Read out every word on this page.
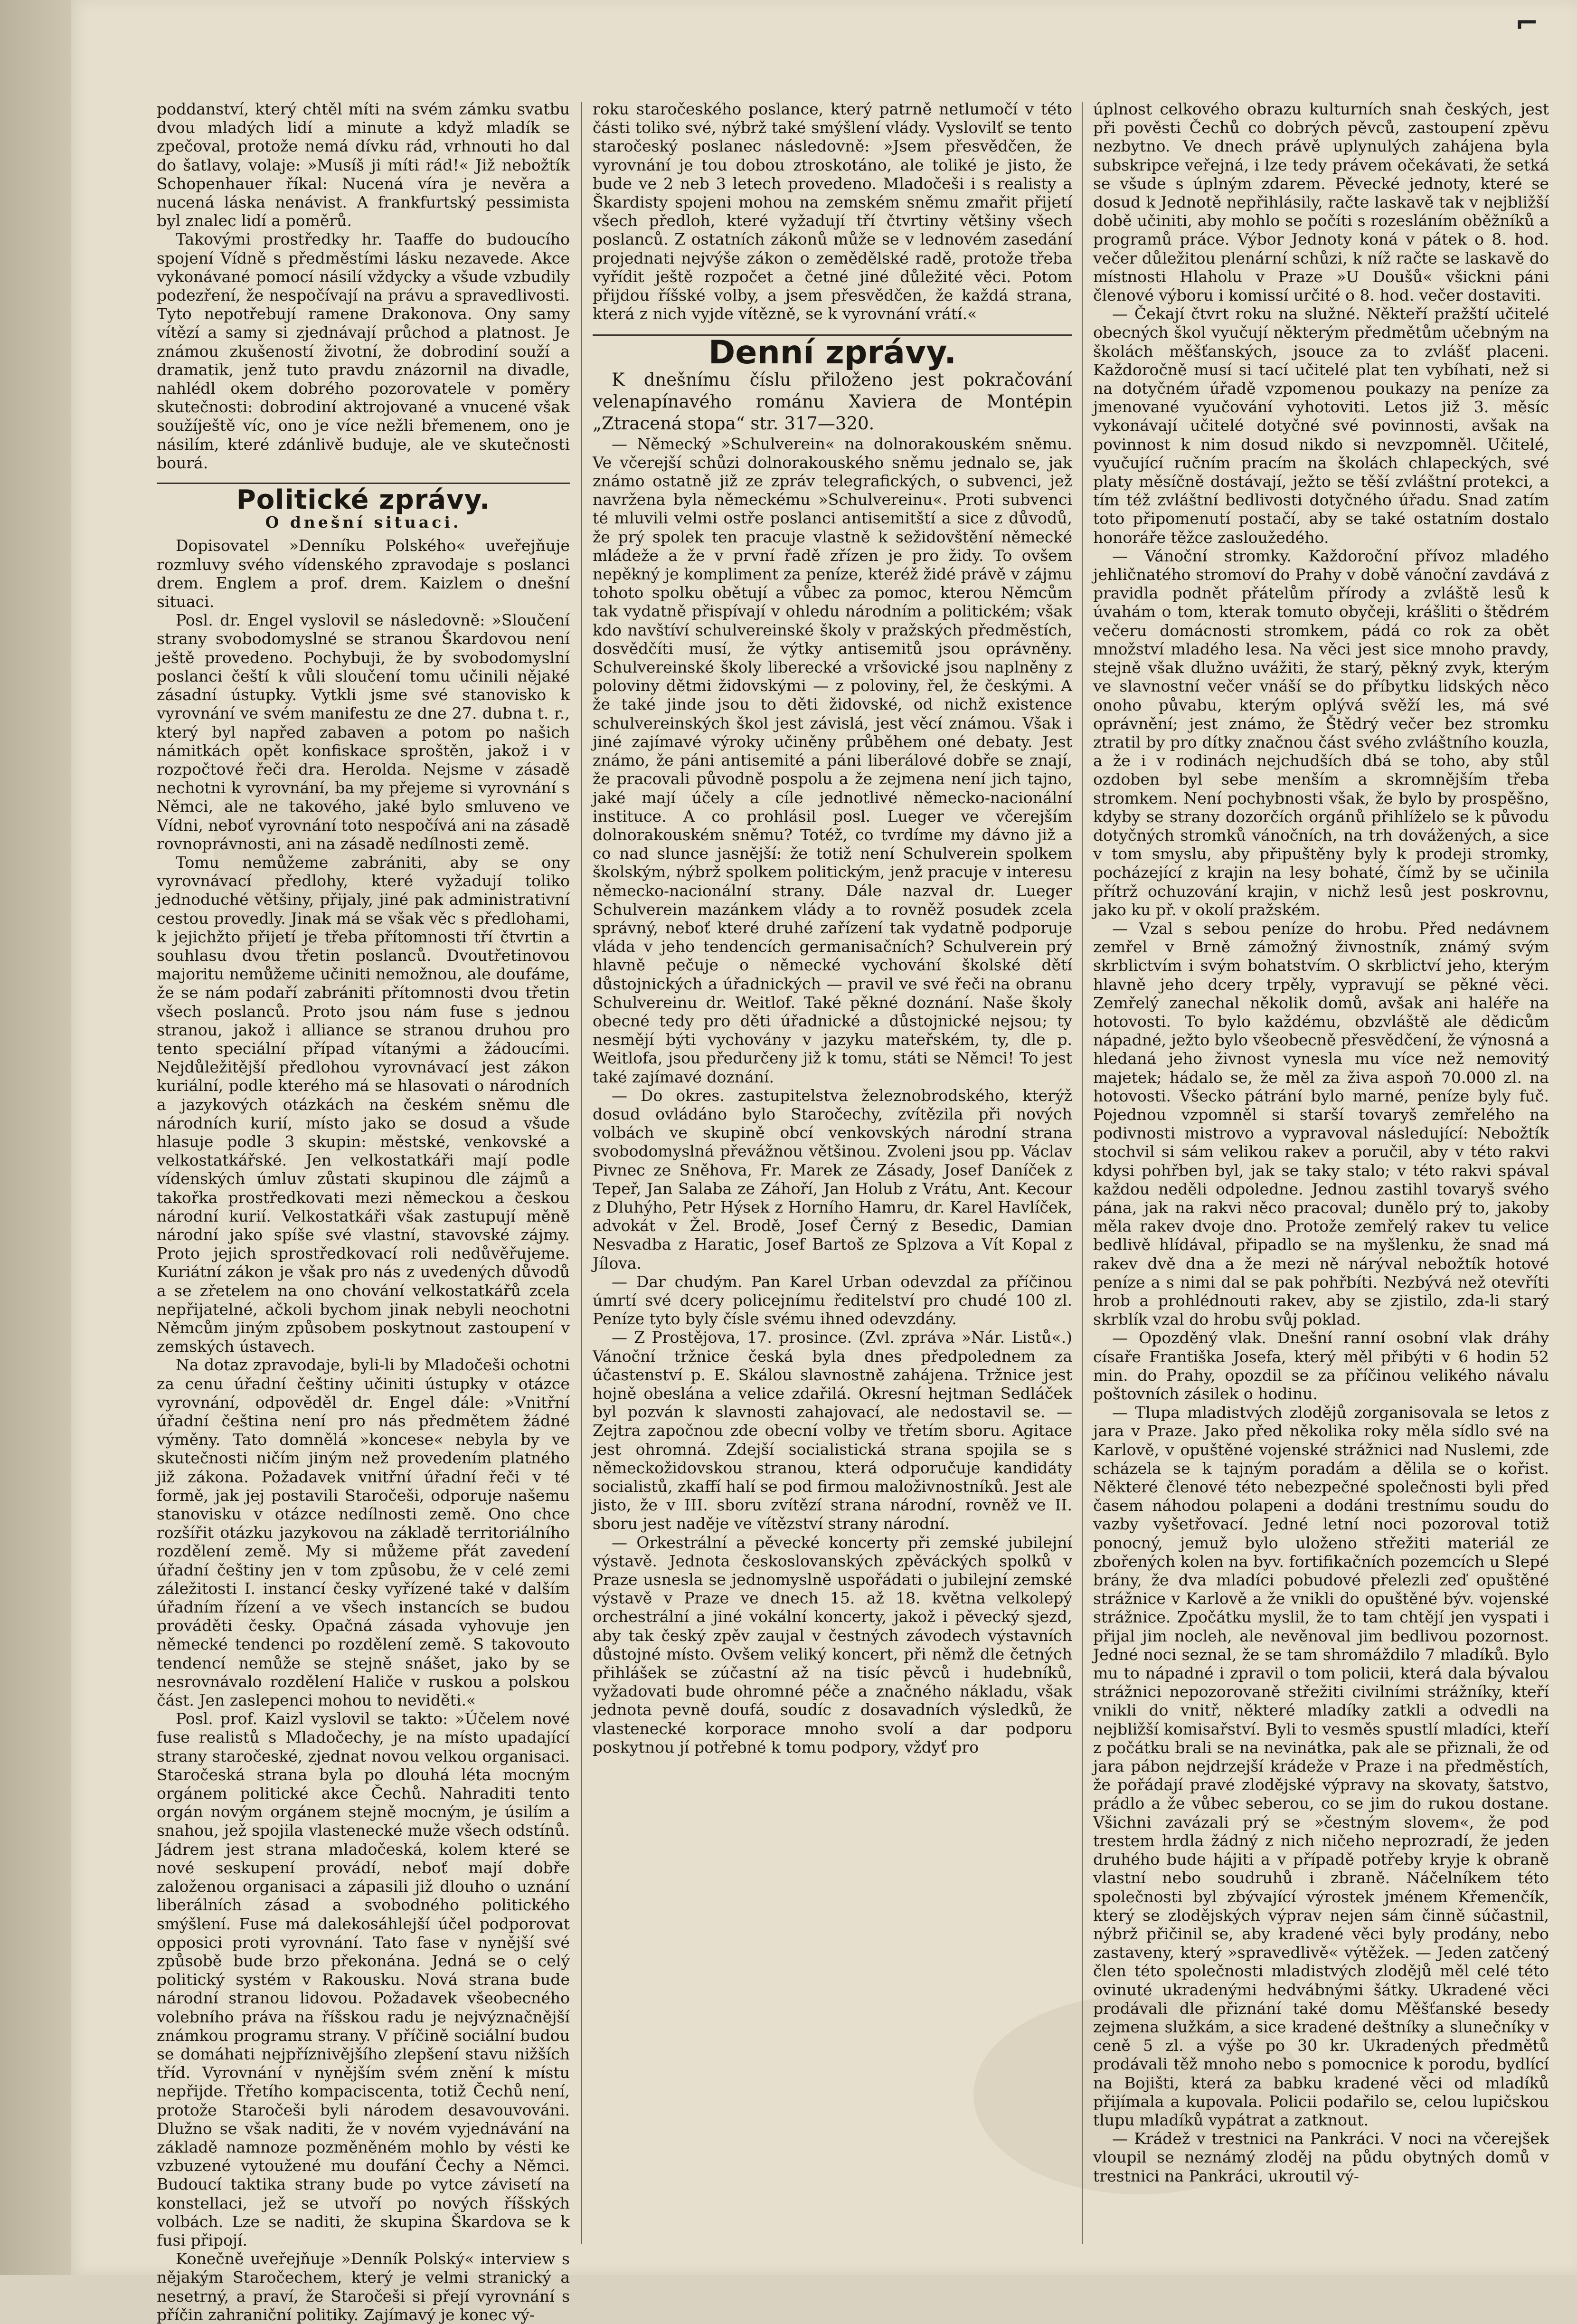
⌐

poddanství, který chtěl míti na svém zámku svatbu dvou mladých lidí a minute a když mladík se zpečoval, protože nemá dívku rád, vrhnouti ho dal do šatlavy, volaje: »Musíš ji míti rád!« Již nebožtík Schopenhauer říkal: Nucená víra je nevěra a nucená láska nenávist. A frankfurtský pessimista byl znalec lidí a poměrů.

Takovými prostředky hr. Taaffe do budoucího spojení Vídně s předměstími lásku nezavede. Akce vykonávané pomocí násilí vždycky a všude vzbudily podezření, že nespočívají na právu a spravedlivosti. Tyto nepotřebují ramene Drakonova. Ony samy vítězí a samy si zjednávají průchod a platnost. Je známou zkušeností životní, že dobrodiní souží a dramatik, jenž tuto pravdu znázornil na divadle, nahlédl okem dobrého pozorovatele v poměry skutečnosti: dobrodiní aktrojované a vnucené však soužíještě víc, ono je více nežli břemenem, ono je násilím, které zdánlivě buduje, ale ve skutečnosti bourá.

Politické zprávy.
O dnešní situaci.

Dopisovatel »Denníku Polského« uveřejňuje rozmluvy svého vídenského zpravodaje s poslanci drem. Englem a prof. drem. Kaizlem o dnešní situaci.

Posl. dr. Engel vyslovil se následovně: »Sloučení strany svobodomyslné se stranou Škardovou není ještě provedeno. Pochybuji, že by svobodomyslní poslanci čeští k vůli sloučení tomu učinili nějaké zásadní ústupky. Vytkli jsme své stanovisko k vyrovnání ve svém manifestu ze dne 27. dubna t. r., který byl napřed zabaven a potom po našich námitkách opět konfiskace sproštěn, jakož i v rozpočtové řeči dra. Herolda. Nejsme v zásadě nechotni k vyrovnání, ba my přejeme si vyrovnání s Němci, ale ne takového, jaké bylo smluveno ve Vídni, neboť vyrovnání toto nespočívá ani na zásadě rovnoprávnosti, ani na zásadě nedílnosti země.

Tomu nemůžeme zabrániti, aby se ony vyrovnávací předlohy, které vyžadují toliko jednoduché většiny, přijaly, jiné pak administrativní cestou provedly. Jinak má se však věc s předlohami, k jejichžto přijetí je třeba přítomnosti tří čtvrtin a souhlasu dvou třetin poslanců. Dvoutřetinovou majoritu nemůžeme učiniti nemožnou, ale doufáme, že se nám podaří zabrániti přítomnosti dvou třetin všech poslanců. Proto jsou nám fuse s jednou stranou, jakož i alliance se stranou druhou pro tento speciální případ vítanými a žádoucími. Nejdůležitější předlohou vyrovnávací jest zákon kuriální, podle kterého má se hlasovati o národních a jazykových otázkách na českém sněmu dle národních kurií, místo jako se dosud a všude hlasuje podle 3 skupin: městské, venkovské a velkostatkářské. Jen velkostatkáři mají podle vídenských úmluv zůstati skupinou dle zájmů a takořka prostředkovati mezi německou a českou národní kurií. Velkostatkáři však zastupují měně národní jako spíše své vlastní, stavovské zájmy. Proto jejich sprostředkovací roli nedůvěřujeme. Kuriátní zákon je však pro nás z uvedených důvodů a se zřetelem na ono chování velkostatkářů zcela nepřijatelné, ačkoli bychom jinak nebyli neochotni Němcům jiným způsobem poskytnout zastoupení v zemských ústavech.

Na dotaz zpravodaje, byli-li by Mladočeši ochotni za cenu úřadní češtiny učiniti ústupky v otázce vyrovnání, odpověděl dr. Engel dále: »Vnitřní úřadní čeština není pro nás předmětem žádné výměny. Tato domnělá »koncese« nebyla by ve skutečnosti ničím jiným než provedením platného již zákona. Požadavek vnitřní úřadní řeči v té formě, jak jej postavili Staročeši, odporuje našemu stanovisku v otázce nedílnosti země. Ono chce rozšířit otázku jazykovou na základě territoriálního rozdělení země. My si můžeme přát zavedení úřadní češtiny jen v tom způsobu, že v celé zemi záležitosti I. instancí česky vyřízené také v dalším úřadním řízení a ve všech instancích se budou prováděti česky. Opačná zásada vyhovuje jen německé tendenci po rozdělení země. S takovouto tendencí nemůže se stejně snášet, jako by se nesrovnávalo rozdělení Haliče v ruskou a polskou část. Jen zaslepenci mohou to neviděti.«

Posl. prof. Kaizl vyslovil se takto: »Účelem nové fuse realistů s Mladočechy, je na místo upadající strany staročeské, zjednat novou velkou organisaci. Staročeská strana byla po dlouhá léta mocným orgánem politické akce Čechů. Nahraditi tento orgán novým orgánem stejně mocným, je úsilím a snahou, jež spojila vlastenecké muže všech odstínů. Jádrem jest strana mladočeská, kolem které se nové seskupení provádí, neboť mají dobře založenou organisaci a zápasili již dlouho o uznání liberálních zásad a svobodného politického smýšlení. Fuse má dalekosáhlejší účel podporovat opposici proti vyrovnání. Tato fase v nynější své způsobě bude brzo překonána. Jedná se o celý politický systém v Rakousku. Nová strana bude národní stranou lidovou. Požadavek všeobecného volebního práva na říšskou radu je nejvýznačnější známkou programu strany. V příčině sociální budou se domáhati nejpříznivějšího zlepšení stavu nižších tříd. Vyrovnání v nynějším svém znění k místu nepřijde. Třetího kompaciscenta, totiž Čechů není, protože Staročeši byli národem desavouvováni. Dlužno se však naditi, že v novém vyjednávání na základě namnoze pozměněném mohlo by vésti ke vzbuzené vytoužené mu doufání Čechy a Němci. Budoucí taktika strany bude po vytce závisetí na konstellaci, jež se utvoří po nových říšských volbách. Lze se naditi, že skupina Škardova se k fusi připojí.

Konečně uveřejňuje »Denník Polský« interview s nějakým Staročechem, který je velmi stranický a nesetrný, a praví, že Staročeši si přejí vyrovnání s příčin zahraniční politiky. Zajímavý je konec vý-

roku staročeského poslance, který patrně netlumočí v této části toliko své, nýbrž také smýšlení vlády. Vyslovilť se tento staročeský poslanec následovně: »Jsem přesvědčen, že vyrovnání je tou dobou ztroskotáno, ale toliké je jisto, že bude ve 2 neb 3 letech provedeno. Mladočeši i s realisty a Škardisty spojeni mohou na zemském sněmu zmařit přijetí všech předloh, které vyžadují tří čtvrtiny většiny všech poslanců. Z ostatních zákonů může se v lednovém zasedání projednati nejvýše zákon o zemědělské radě, protože třeba vyřídit ještě rozpočet a četné jiné důležité věci. Potom přijdou říšské volby, a jsem přesvědčen, že každá strana, která z nich vyjde vítězně, se k vyrovnání vrátí.«

Denní zprávy.

K dnešnímu číslu přiloženo jest pokračování velenapínavého románu Xaviera de Montépin „Ztracená stopa“ str. 317—320.

— Německý »Schulverein« na dolnorakouském sněmu. Ve včerejší schůzi dolnorakouského sněmu jednalo se, jak známo ostatně již ze zpráv telegrafických, o subvenci, jež navržena byla německému »Schulvereinu«. Proti subvenci té mluvili velmi ostře poslanci antisemitští a sice z důvodů, že prý spolek ten pracuje vlastně k sežidovštění německé mládeže a že v první řadě zřízen je pro židy. To ovšem nepěkný je kompliment za peníze, kteréž židé právě v zájmu tohoto spolku obětují a vůbec za pomoc, kterou Němcům tak vydatně přispívají v ohledu národním a politickém; však kdo navštíví schulvereinské školy v pražských předměstích, dosvědčíti musí, že výtky antisemitů jsou oprávněny. Schulvereinské školy liberecké a vršovické jsou naplněny z poloviny dětmi židovskými — z poloviny, řel, že českými. A že také jinde jsou to děti židovské, od nichž existence schulvereinských škol jest závislá, jest věcí známou. Však i jiné zajímavé výroky učiněny průběhem oné debaty. Jest známo, že páni antisemité a páni liberálové dobře se znají, že pracovali původně pospolu a že zejmena není jich tajno, jaké mají účely a cíle jednotlivé německo-nacionální instituce. A co prohlásil posl. Lueger ve včerejším dolnorakouském sněmu? Totéž, co tvrdíme my dávno již a co nad slunce jasnější: že totiž není Schulverein spolkem školským, nýbrž spolkem politickým, jenž pracuje v interesu německo-nacionální strany. Dále nazval dr. Lueger Schulverein mazánkem vlády a to rovněž posudek zcela správný, neboť které druhé zařízení tak vydatně podporuje vláda v jeho tendencích germanisačních? Schulverein prý hlavně pečuje o německé vychování školské dětí důstojnických a úřadnických — pravil ve své řeči na obranu Schulvereinu dr. Weitlof. Také pěkné doznání. Naše školy obecné tedy pro děti úřadnické a důstojnické nejsou; ty nesmějí býti vychovány v jazyku mateřském, ty, dle p. Weitlofa, jsou předurčeny již k tomu, státi se Němci! To jest také zajímavé doznání.

— Do okres. zastupitelstva železnobrodského, kterýž dosud ovládáno bylo Staročechy, zvítězila při nových volbách ve skupině obcí venkovských národní strana svobodomyslná převážnou většinou. Zvoleni jsou pp. Václav Pivnec ze Sněhova, Fr. Marek ze Zásady, Josef Daníček z Tepeř, Jan Salaba ze Záhoří, Jan Holub z Vrátu, Ant. Kecour z Dluhýho, Petr Hýsek z Horního Hamru, dr. Karel Havlíček, advokát v Žel. Brodě, Josef Černý z Besedic, Damian Nesvadba z Haratic, Josef Bartoš ze Splzova a Vít Kopal z Jílova.

— Dar chudým. Pan Karel Urban odevzdal za příčinou úmrtí své dcery policejnímu ředitelství pro chudé 100 zl. Peníze tyto byly čísle svému ihned odevzdány.

— Z Prostějova, 17. prosince. (Zvl. zpráva »Nár. Listů«.) Vánoční tržnice česká byla dnes předpolednem za účastenství p. E. Skálou slavnostně zahájena. Tržnice jest hojně obeslána a velice zdařilá. Okresní hejtman Sedláček byl pozván k slavnosti zahajovací, ale nedostavil se. — Zejtra započnou zde obecní volby ve třetím sboru. Agitace jest ohromná. Zdejší socialistická strana spojila se s německožidovskou stranou, která odporučuje kandidáty socialistů, zkaffí halí se pod firmou maloživnostníků. Jest ale jisto, že v III. sboru zvítězí strana národní, rovněž ve II. sboru jest naděje ve vítězství strany národní.

— Orkestrální a pěvecké koncerty při zemské jubilejní výstavě. Jednota českoslovanských zpěváckých spolků v Praze usnesla se jednomyslně uspořádati o jubilejní zemské výstavě v Praze ve dnech 15. až 18. května velkolepý orchestrální a jiné vokální koncerty, jakož i pěvecký sjezd, aby tak český zpěv zaujal v čestných závodech výstavních důstojné místo. Ovšem veliký koncert, při němž dle četných přihlášek se zúčastní až na tisíc pěvců i hudebníků, vyžadovati bude ohromné péče a značného nákladu, však jednota pevně doufá, soudíc z dosavadních výsledků, že vlastenecké korporace mnoho svolí a dar podporu poskytnou jí potřebné k tomu podpory, vždyť pro

úplnost celkového obrazu kulturních snah českých, jest při pověsti Čechů co dobrých pěvců, zastoupení zpěvu nezbytno. Ve dnech právě uplynulých zahájena byla subskripce veřejná, i lze tedy právem očekávati, že setká se všude s úplným zdarem. Pěvecké jednoty, které se dosud k Jednotě nepřihlásily, račte laskavě tak v nejbližší době učiniti, aby mohlo se počíti s rozesláním oběžníků a programů práce. Výbor Jednoty koná v pátek o 8. hod. večer důležitou plenární schůzi, k níž račte se laskavě do místnosti Hlaholu v Praze »U Doušů« všickni páni členové výboru i komissí určité o 8. hod. večer dostaviti.

— Čekají čtvrt roku na služné. Někteří pražští učitelé obecných škol vyučují některým předmětům učebným na školách měšťanských, jsouce za to zvlášť placeni. Každoročně musí si tací učitelé plat ten vybíhati, než si na dotyčném úřadě vzpomenou poukazy na peníze za jmenované vyučování vyhotoviti. Letos již 3. měsíc vykonávají učitelé dotyčné své povinnosti, avšak na povinnost k nim dosud nikdo si nevzpomněl. Učitelé, vyučující ručním pracím na školách chlapeckých, své platy měsíčně dostávají, ježto se těší zvláštní protekci, a tím též zvláštní bedlivosti dotyčného úřadu. Snad zatím toto připomenutí postačí, aby se také ostatním dostalo honoráře těžce zasloužedého.

— Vánoční stromky. Každoroční přívoz mladého jehličnatého stromoví do Prahy v době vánoční zavdává z pravidla podnět přátelům přírody a zvláště lesů k úvahám o tom, kterak tomuto obyčeji, krášliti o štědrém večeru domácnosti stromkem, pádá co rok za obět množství mladého lesa. Na věci jest sice mnoho pravdy, stejně však dlužno uvážiti, že starý, pěkný zvyk, kterým ve slavnostní večer vnáší se do příbytku lidských něco onoho půvabu, kterým oplývá svěží les, má své oprávnění; jest známo, že Štědrý večer bez stromku ztratil by pro dítky značnou část svého zvláštního kouzla, a že i v rodinách nejchudších dbá se toho, aby stůl ozdoben byl sebe menším a skromnějším třeba stromkem. Není pochybnosti však, že bylo by prospěšno, kdyby se strany dozorčích orgánů přihlíželo se k původu dotyčných stromků vánočních, na trh dovážených, a sice v tom smyslu, aby připuštěny byly k prodeji stromky, pocházející z krajin na lesy bohaté, čímž by se učinila přítrž ochuzování krajin, v nichž lesů jest poskrovnu, jako ku př. v okolí pražském.

— Vzal s sebou peníze do hrobu. Před nedávnem zemřel v Brně zámožný živnostník, známý svým skrblictvím i svým bohatstvím. O skrblictví jeho, kterým hlavně jeho dcery trpěly, vypravují se pěkné věci. Zemřelý zanechal několik domů, avšak ani haléře na hotovosti. To bylo každému, obzvláště ale dědicům nápadné, ježto bylo všeobecně přesvědčení, že výnosná a hledaná jeho živnost vynesla mu více než nemovitý majetek; hádalo se, že měl za živa aspoň 70.000 zl. na hotovosti. Všecko pátrání bylo marné, peníze byly fuč. Pojednou vzpomněl si starší tovaryš zemřelého na podivnosti mistrovo a vypravoval následující: Nebožtík stochvil si sám velikou rakev a poručil, aby v této rakvi kdysi pohřben byl, jak se taky stalo; v této rakvi spával každou neděli odpoledne. Jednou zastihl tovaryš svého pána, jak na rakvi něco pracoval; dunělo prý to, jakoby měla rakev dvoje dno. Protože zemřelý rakev tu velice bedlivě hlídával, připadlo se na myšlenku, že snad má rakev dvě dna a že mezi ně nárýval nebožtík hotové peníze a s nimi dal se pak pohřbíti. Nezbývá než otevříti hrob a prohlédnouti rakev, aby se zjistilo, zda-li starý skrblík vzal do hrobu svůj poklad.

— Opozděný vlak. Dnešní ranní osobní vlak dráhy císaře Františka Josefa, který měl přibýti v 6 hodin 52 min. do Prahy, opozdil se za příčinou velikého návalu poštovních zásilek o hodinu.

— Tlupa mladistvých zlodějů zorganisovala se letos z jara v Praze. Jako před několika roky měla sídlo své na Karlově, v opuštěné vojenské strážnici nad Nuslemi, zde scházela se k tajným poradám a dělila se o kořist. Některé členové této nebezpečné společnosti byli před časem náhodou polapeni a dodáni trestnímu soudu do vazby vyšetřovací. Jedné letní noci pozoroval totiž ponocný, jemuž bylo uloženo střežiti materiál ze zbořených kolen na byv. fortifikačních pozemcích u Slepé brány, že dva mladíci pobudové přelezli zeď opuštěné strážnice v Karlově a že vnikli do opuštěné býv. vojenské strážnice. Zpočátku myslil, že to tam chtějí jen vyspati i přijal jim nocleh, ale nevěnoval jim bedlivou pozornost. Jedné noci seznal, že se tam shromáždilo 7 mladíků. Bylo mu to nápadné i zpravil o tom policii, která dala bývalou strážnici nepozorovaně střežiti civilními strážníky, kteří vnikli do vnitř, některé mladíky zatkli a odvedli na nejbližší komisařství. Byli to vesměs spustlí mladíci, kteří z počátku brali se na nevinátka, pak ale se přiznali, že od jara pábon nejdrzejší krádeže v Praze i na předměstích, že pořádají pravé zlodějské výpravy na skovaty, šatstvo, prádlo a že vůbec seberou, co se jim do rukou dostane. Všichni zavázali prý se »čestným slovem«, že pod trestem hrdla žádný z nich ničeho neprozradí, že jeden druhého bude hájiti a v případě potřeby kryje k obraně vlastní nebo soudruhů i zbraně. Náčelníkem této společnosti byl zbývající výrostek jménem Křemenčík, který se zlodějských výprav nejen sám činně súčastnil, nýbrž přičinil se, aby kradené věci byly prodány, nebo zastaveny, který »spravedlivě« výtěžek. — Jeden zatčený člen této společnosti mladistvých zlodějů měl celé této ovinuté ukradenými hedvábnými šátky. Ukradené věci prodávali dle přiznání také domu Měšťanské besedy zejmena služkám, a sice kradené deštníky a slunečníky v ceně 5 zl. a výše po 30 kr. Ukradených předmětů prodávali těž mnoho nebo s pomocnice k porodu, bydlící na Bojišti, která za babku kradené věci od mladíků přijímala a kupovala. Policii podařilo se, celou lupičskou tlupu mladíků vypátrat a zatknout.

— Krádež v trestnici na Pankráci. V noci na včerejšek vloupil se neznámý zloděj na půdu obytných domů v trestnici na Pankráci, ukroutil vý-
